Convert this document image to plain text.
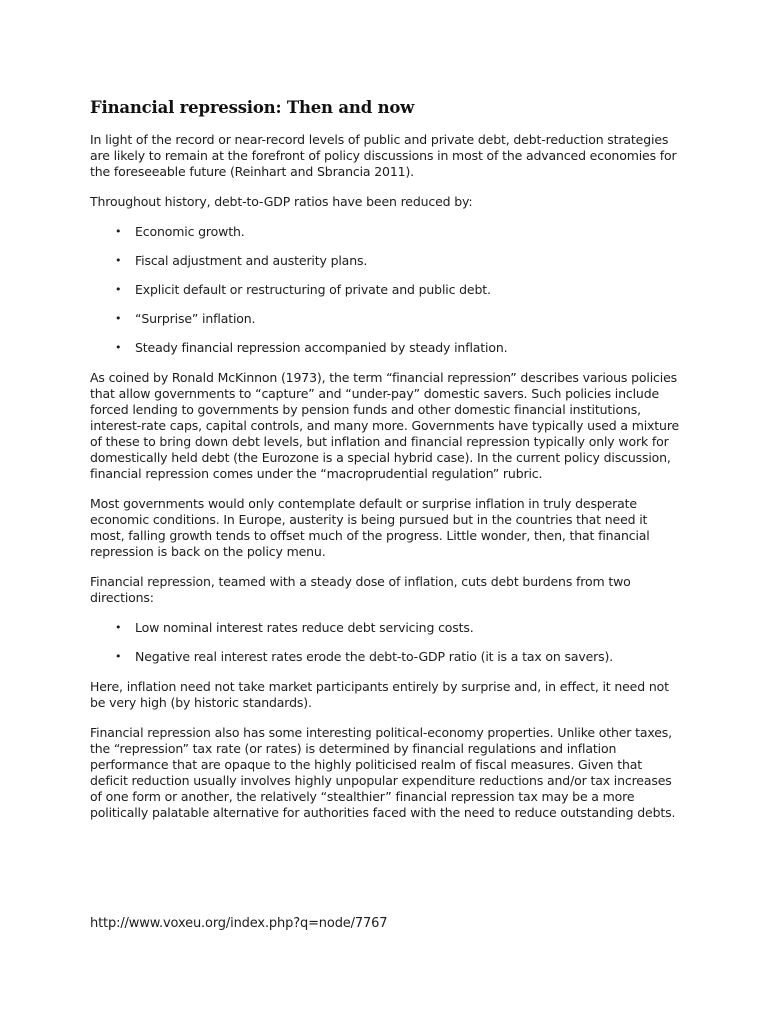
Financial repression: Then and now

In light of the record or near-record levels of public and private debt, debt-reduction strategies are likely to remain at the forefront of policy discussions in most of the advanced economies for the foreseeable future (Reinhart and Sbrancia 2011).

Throughout history, debt-to-GDP ratios have been reduced by:

• Economic growth.
• Fiscal adjustment and austerity plans.
• Explicit default or restructuring of private and public debt.
• “Surprise” inflation.
• Steady financial repression accompanied by steady inflation.

As coined by Ronald McKinnon (1973), the term “financial repression” describes various policies that allow governments to “capture” and “under-pay” domestic savers. Such policies include forced lending to governments by pension funds and other domestic financial institutions, interest-rate caps, capital controls, and many more. Governments have typically used a mixture of these to bring down debt levels, but inflation and financial repression typically only work for domestically held debt (the Eurozone is a special hybrid case). In the current policy discussion, financial repression comes under the “macroprudential regulation” rubric.

Most governments would only contemplate default or surprise inflation in truly desperate economic conditions. In Europe, austerity is being pursued but in the countries that need it most, falling growth tends to offset much of the progress. Little wonder, then, that financial repression is back on the policy menu.

Financial repression, teamed with a steady dose of inflation, cuts debt burdens from two directions:

• Low nominal interest rates reduce debt servicing costs.
• Negative real interest rates erode the debt-to-GDP ratio (it is a tax on savers).

Here, inflation need not take market participants entirely by surprise and, in effect, it need not be very high (by historic standards).

Financial repression also has some interesting political-economy properties. Unlike other taxes, the “repression” tax rate (or rates) is determined by financial regulations and inflation performance that are opaque to the highly politicised realm of fiscal measures. Given that deficit reduction usually involves highly unpopular expenditure reductions and/or tax increases of one form or another, the relatively “stealthier” financial repression tax may be a more politically palatable alternative for authorities faced with the need to reduce outstanding debts.

http://www.voxeu.org/index.php?q=node/7767
